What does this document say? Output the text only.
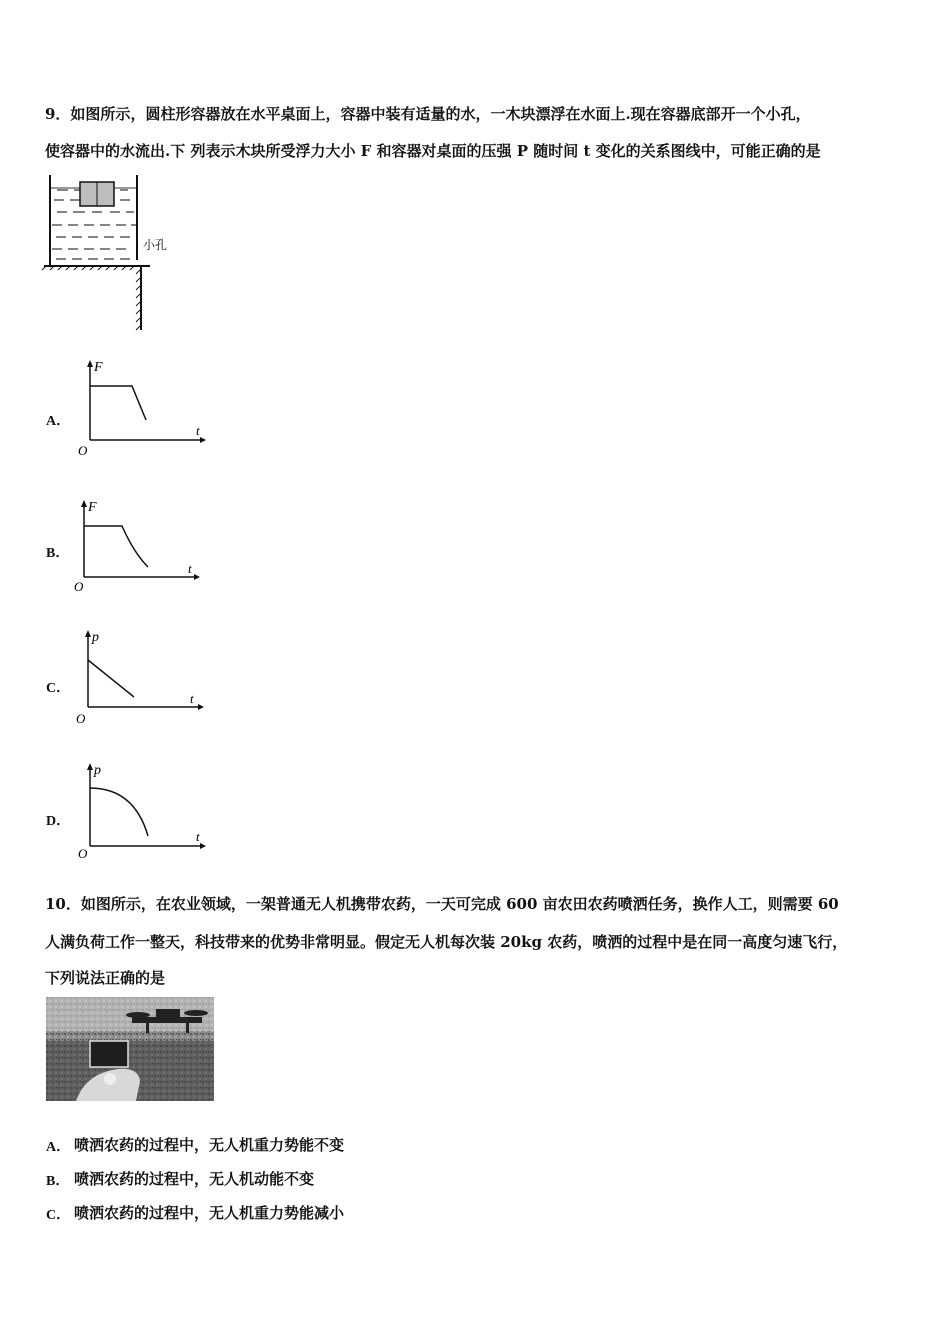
9．如图所示，圆柱形容器放在水平桌面上，容器中装有适量的水，一木块漂浮在水面上.现在容器底部开一个小孔，
使容器中的水流出.下 列表示木块所受浮力大小 F 和容器对桌面的压强 P 随时间 t 变化的关系图线中，可能正确的是
小孔
A．
F
t
O
B．
F
t
O
C．
p
t
O
D．
p
t
O
10．如图所示，在农业领域，一架普通无人机携带农药，一天可完成 600 亩农田农药喷洒任务，换作人工，则需要 60
人满负荷工作一整天，科技带来的优势非常明显。假定无人机每次装 20kg 农药，喷洒的过程中是在同一高度匀速飞行，
下列说法正确的是
A． 喷洒农药的过程中，无人机重力势能不变
B． 喷洒农药的过程中，无人机动能不变
C． 喷洒农药的过程中，无人机重力势能减小
